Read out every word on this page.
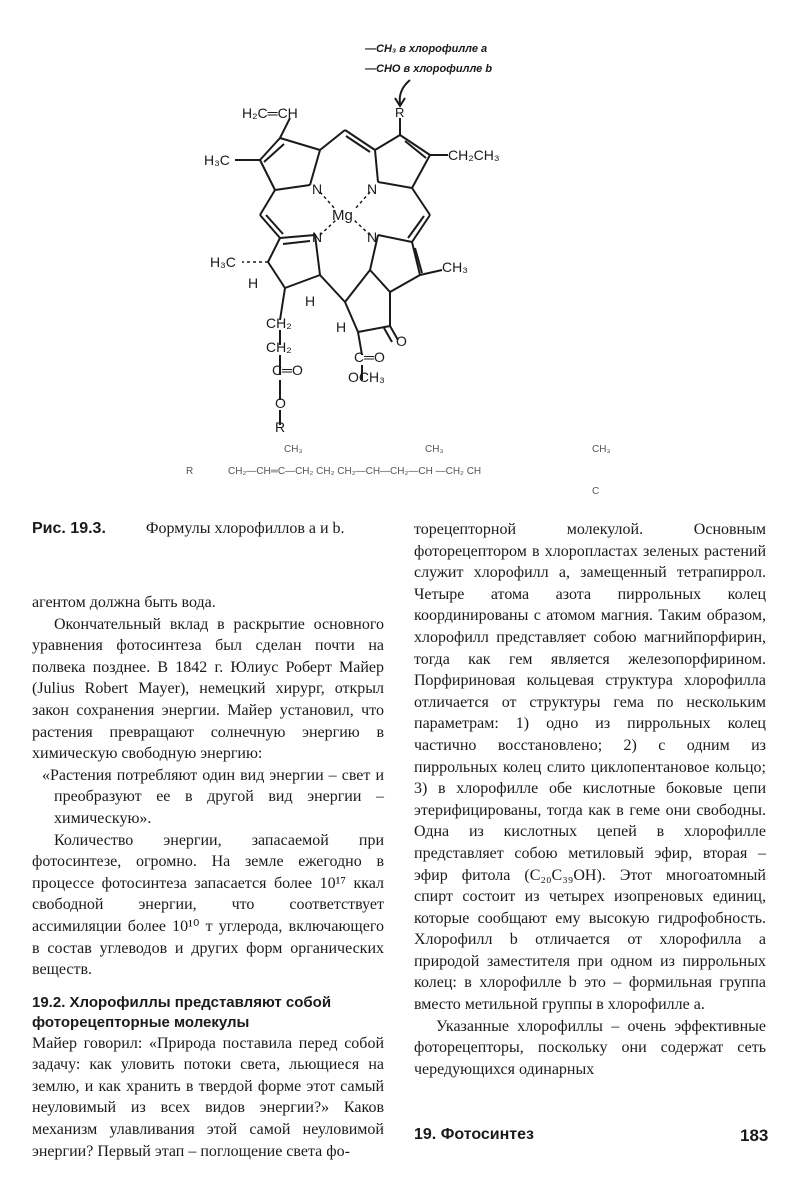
—CH₃ в хлорофилле a
—CHO в хлорофилле b
H₂C═CH
H₃C
R
CH₂CH₃
N	N
N	N
Mg
H₃C
H
H
CH₃
CH₂
CH₂
H
O
C═O
C═O
O
OCH₃
R
R
CH₃	CH₃	CH₃
CH₂—CH═C—CH₂ CH₂ CH₂—CH—CH₂—CH —CH₂ CH
C
Рис. 19.3.	Формулы хлорофиллов a и b.

агентом должна быть вода.

Окончательный вклад в раскрытие основного уравнения фотосинтеза был сделан почти на полвека позднее. В 1842 г. Юлиус Роберт Майер (Julius Robert Mayer), немецкий хирург, открыл закон сохранения энергии. Майер установил, что растения превращают солнечную энергию в химическую свободную энергию:

«Растения потребляют один вид энергии – свет и преобразуют ее в другой вид энергии – химическую».

Количество энергии, запасаемой при фотосинтезе, огромно. На земле ежегодно в процессе фотосинтеза запасается более 10¹⁷ ккал свободной энергии, что соответствует ассимиляции более 10¹⁰ т углерода, включающего в состав углеводов и других форм органических веществ.

19.2. Хлорофиллы представляют собой фоторецепторные молекулы

Майер говорил: «Природа поставила перед собой задачу: как уловить потоки света, льющиеся на землю, и как хранить в твердой форме этот самый неуловимый из всех видов энергии?» Каков механизм улавливания этой самой неуловимой энергии? Первый этап – поглощение света фо-

торецепторной молекулой. Основным фоторецептором в хлоропластах зеленых растений служит хлорофилл a, замещенный тетрапиррол. Четыре атома азота пиррольных колец координированы с атомом магния. Таким образом, хлорофилл представляет собою магнийпорфирин, тогда как гем является железопорфирином. Порфириновая кольцевая структура хлорофилла отличается от структуры гема по нескольким параметрам: 1) одно из пиррольных колец частично восстановлено; 2) с одним из пиррольных колец слито циклопентановое кольцо; 3) в хлорофилле обе кислотные боковые цепи этерифицированы, тогда как в геме они свободны. Одна из кислотных цепей в хлорофилле представляет собою метиловый эфир, вторая – эфир фитола (C₂₀C₃₉OH). Этот многоатомный спирт состоит из четырех изопреновых единиц, которые сообщают ему высокую гидрофобность. Хлорофилл b отличается от хлорофилла a природой заместителя при одном из пиррольных колец: в хлорофилле b это – формильная группа вместо метильной группы в хлорофилле a.

Указанные хлорофиллы – очень эффективные фоторецепторы, поскольку они содержат сеть чередующихся одинарных

19. Фотосинтез	183
